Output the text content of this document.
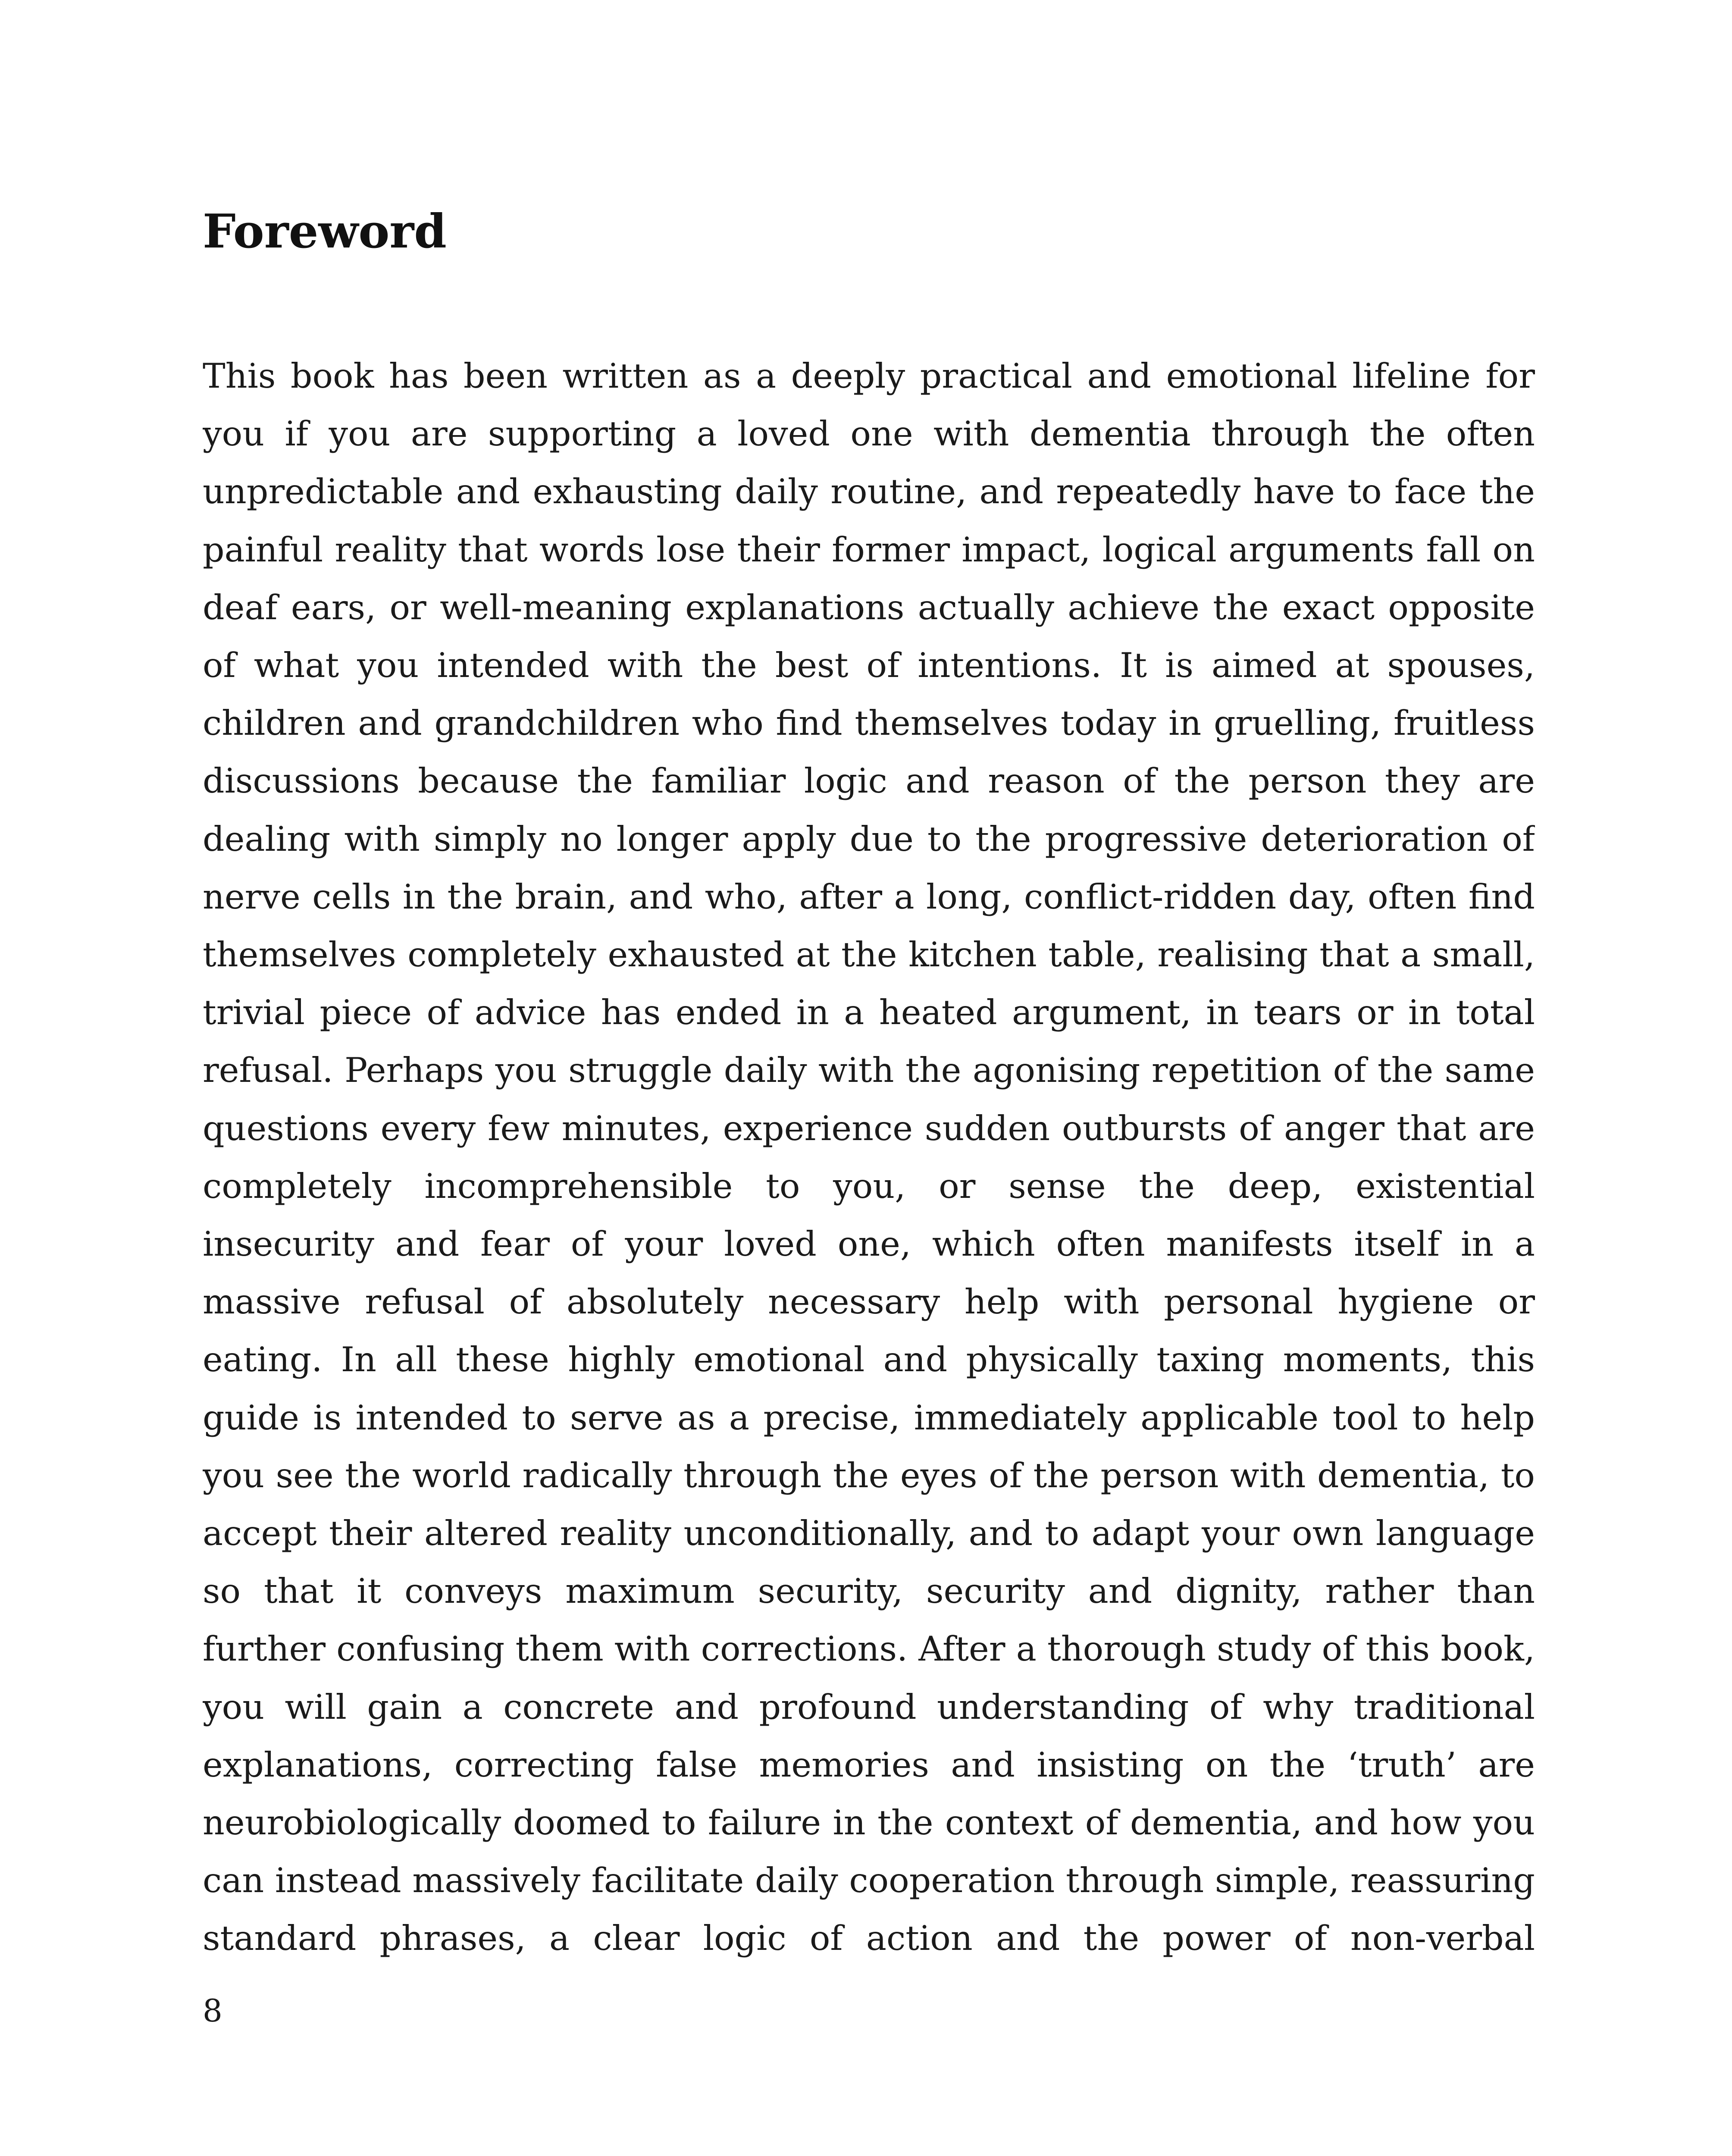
Foreword

This book has been written as a deeply practical and emotional lifeline for you if you are supporting a loved one with dementia through the often unpredictable and exhausting daily routine, and repeatedly have to face the painful reality that words lose their former impact, logical arguments fall on deaf ears, or well-meaning explanations actually achieve the exact opposite of what you intended with the best of intentions. It is aimed at spouses, children and grandchildren who find themselves today in gruelling, fruitless discussions because the familiar logic and reason of the person they are dealing with simply no longer apply due to the progressive deterioration of nerve cells in the brain, and who, after a long, conflict-ridden day, often find themselves completely exhausted at the kitchen table, realising that a small, trivial piece of advice has ended in a heated argument, in tears or in total refusal. Perhaps you struggle daily with the agonising repetition of the same questions every few minutes, experience sudden outbursts of anger that are completely incomprehensible to you, or sense the deep, existential insecurity and fear of your loved one, which often manifests itself in a massive refusal of absolutely necessary help with personal hygiene or eating. In all these highly emotional and physically taxing moments, this guide is intended to serve as a precise, immediately applicable tool to help you see the world radically through the eyes of the person with dementia, to accept their altered reality unconditionally, and to adapt your own language so that it conveys maximum security, security and dignity, rather than further confusing them with corrections. After a thorough study of this book, you will gain a concrete and profound understanding of why traditional explanations, correcting false memories and insisting on the ‘truth’ are neurobiologically doomed to failure in the context of dementia, and how you can instead massively facilitate daily cooperation through simple, reassuring standard phrases, a clear logic of action and the power of non-verbal

8
